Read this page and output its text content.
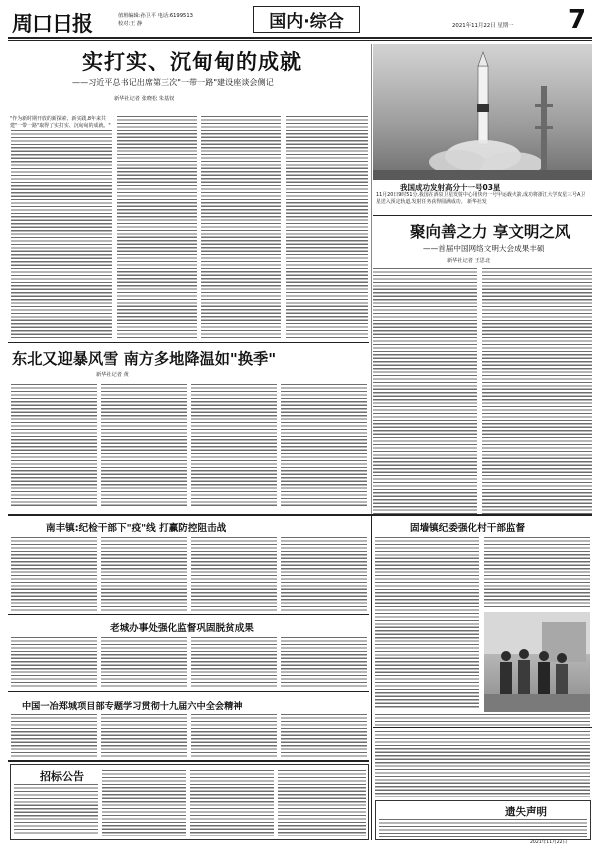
周口日报	值班编辑:孙卫平 电话:6199513
校对:王 静	国内·综合	2021年11月22日 星期一 7
实打实、沉甸甸的成就
——习近平总书记出席第三次"一带一路"建设座谈会侧记
新华社记者 张晓松 朱基钗
"作为新时期开放的新探索、新实践,8年来共建"一带一路"取得了实打实、沉甸甸的成就。"
我国成功发射高分十一号03星
11月20日9时51分,我国在酒泉卫星发射中心用快舟一号甲运载火箭,成功将浙江大学皮星三号A卫星送入预定轨道,发射任务获得圆满成功。 新华社发
聚向善之力 享文明之风
——首届中国网络文明大会成果丰硕
新华社记者 王思北
东北又迎暴风雪 南方多地降温如"换季"
新华社记者 黄
南丰镇:纪检干部下"疫"线 打赢防控阻击战
老城办事处强化监督巩固脱贫成果
中国一冶郑城项目部专题学习贯彻十九届六中全会精神
固墙镇纪委强化村干部监督
招标公告
遗失声明
2021年11月22日
